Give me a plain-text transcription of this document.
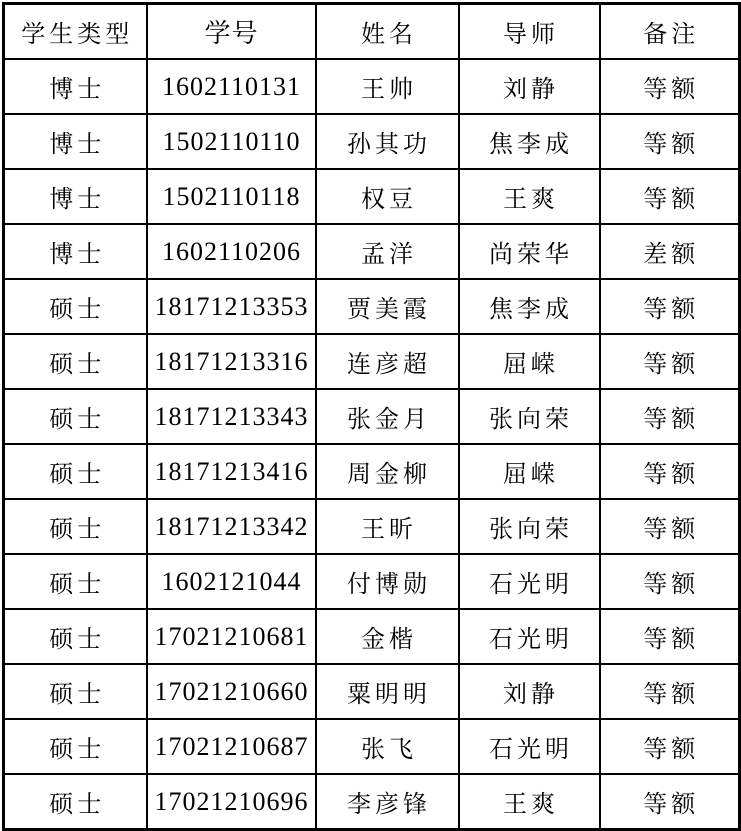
学生类型	学号	姓名	导师	备注
博士	1602110131	王帅	刘静	等额
博士	1502110110	孙其功	焦李成	等额
博士	1502110118	权豆	王爽	等额
博士	1602110206	孟洋	尚荣华	差额
硕士	18171213353	贾美霞	焦李成	等额
硕士	18171213316	连彦超	屈嵘	等额
硕士	18171213343	张金月	张向荣	等额
硕士	18171213416	周金柳	屈嵘	等额
硕士	18171213342	王昕	张向荣	等额
硕士	1602121044	付博勋	石光明	等额
硕士	17021210681	金楷	石光明	等额
硕士	17021210660	粟明明	刘静	等额
硕士	17021210687	张飞	石光明	等额
硕士	17021210696	李彦锋	王爽	等额
